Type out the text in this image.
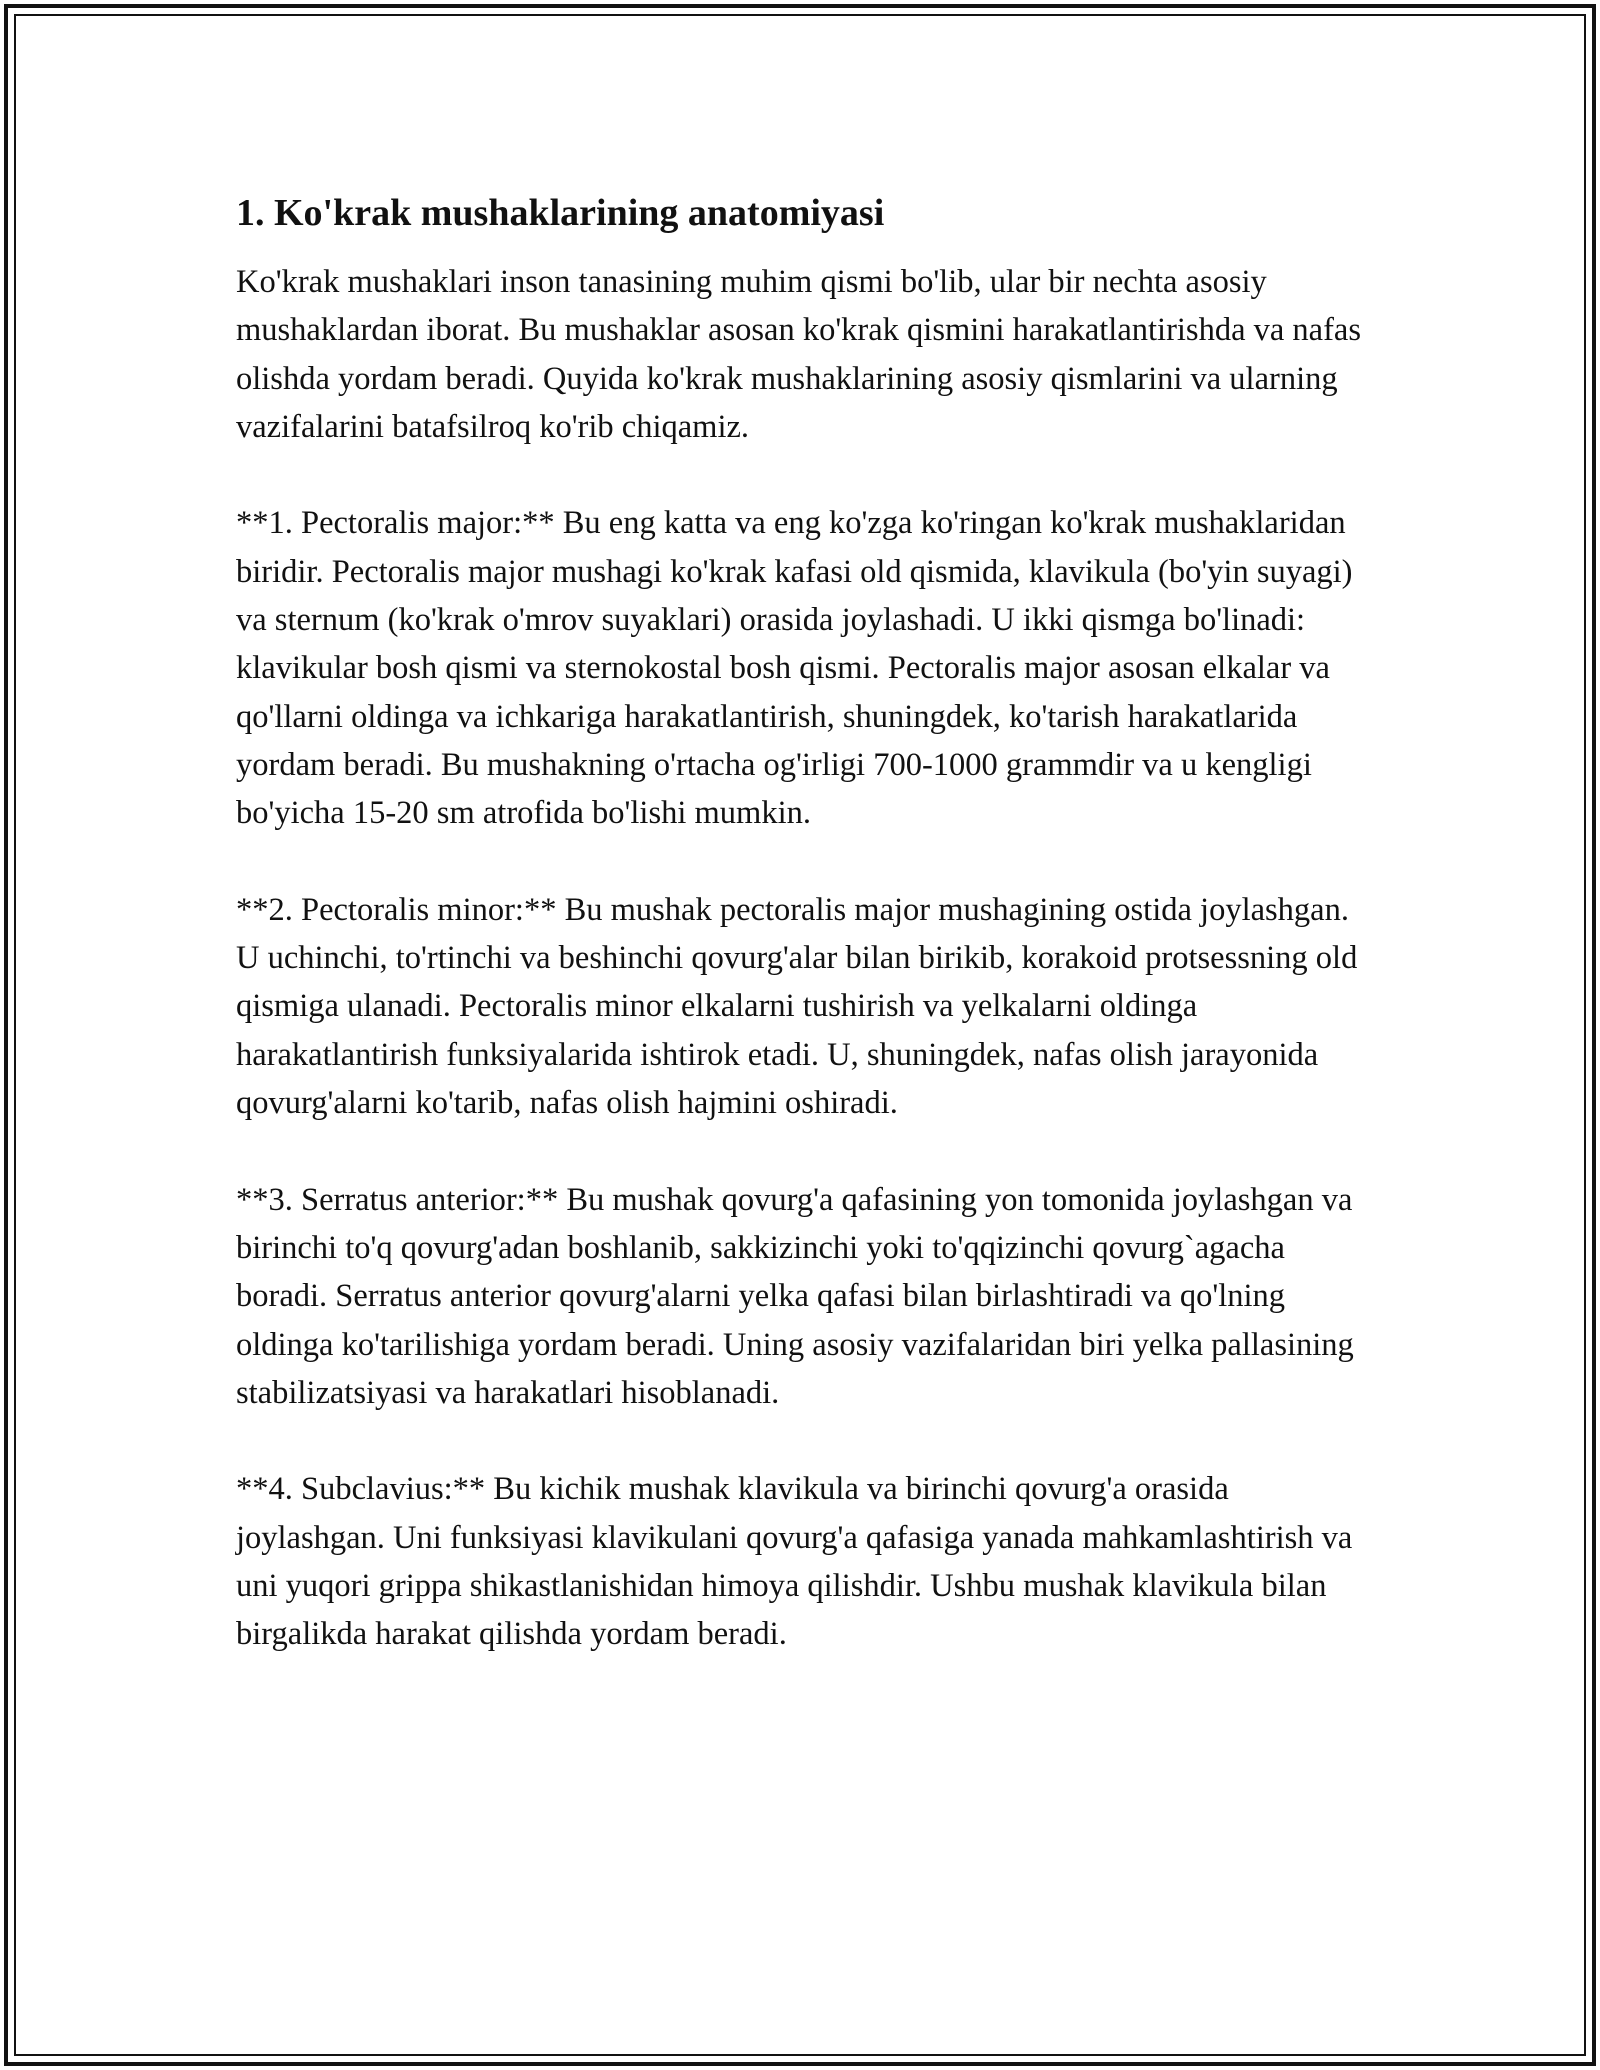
1. Ko'krak mushaklarining anatomiyasi

Ko'krak mushaklari inson tanasining muhim qismi bo'lib, ular bir nechta asosiy mushaklardan iborat. Bu mushaklar asosan ko'krak qismini harakatlantirishda va nafas olishda yordam beradi. Quyida ko'krak mushaklarining asosiy qismlarini va ularning vazifalarini batafsilroq ko'rib chiqamiz.

**1. Pectoralis major:** Bu eng katta va eng ko'zga ko'ringan ko'krak mushaklaridan biridir. Pectoralis major mushagi ko'krak kafasi old qismida, klavikula (bo'yin suyagi) va sternum (ko'krak o'mrov suyaklari) orasida joylashadi. U ikki qismga bo'linadi: klavikular bosh qismi va sternokostal bosh qismi. Pectoralis major asosan elkalar va qo'llarni oldinga va ichkariga harakatlantirish, shuningdek, ko'tarish harakatlarida yordam beradi. Bu mushakning o'rtacha og'irligi 700-1000 grammdir va u kengligi bo'yicha 15-20 sm atrofida bo'lishi mumkin.

**2. Pectoralis minor:** Bu mushak pectoralis major mushagining ostida joylashgan. U uchinchi, to'rtinchi va beshinchi qovurg'alar bilan birikib, korakoid protsessning old qismiga ulanadi. Pectoralis minor elkalarni tushirish va yelkalarni oldinga harakatlantirish funksiyalarida ishtirok etadi. U, shuningdek, nafas olish jarayonida qovurg'alarni ko'tarib, nafas olish hajmini oshiradi.

**3. Serratus anterior:** Bu mushak qovurg'a qafasining yon tomonida joylashgan va birinchi to'q qovurg'adan boshlanib, sakkizinchi yoki to'qqizinchi qovurg`agacha boradi. Serratus anterior qovurg'alarni yelka qafasi bilan birlashtiradi va qo'lning oldinga ko'tarilishiga yordam beradi. Uning asosiy vazifalaridan biri yelka pallasining stabilizatsiyasi va harakatlari hisoblanadi.

**4. Subclavius:** Bu kichik mushak klavikula va birinchi qovurg'a orasida joylashgan. Uni funksiyasi klavikulani qovurg'a qafasiga yanada mahkamlashtirish va uni yuqori grippa shikastlanishidan himoya qilishdir. Ushbu mushak klavikula bilan birgalikda harakat qilishda yordam beradi.
